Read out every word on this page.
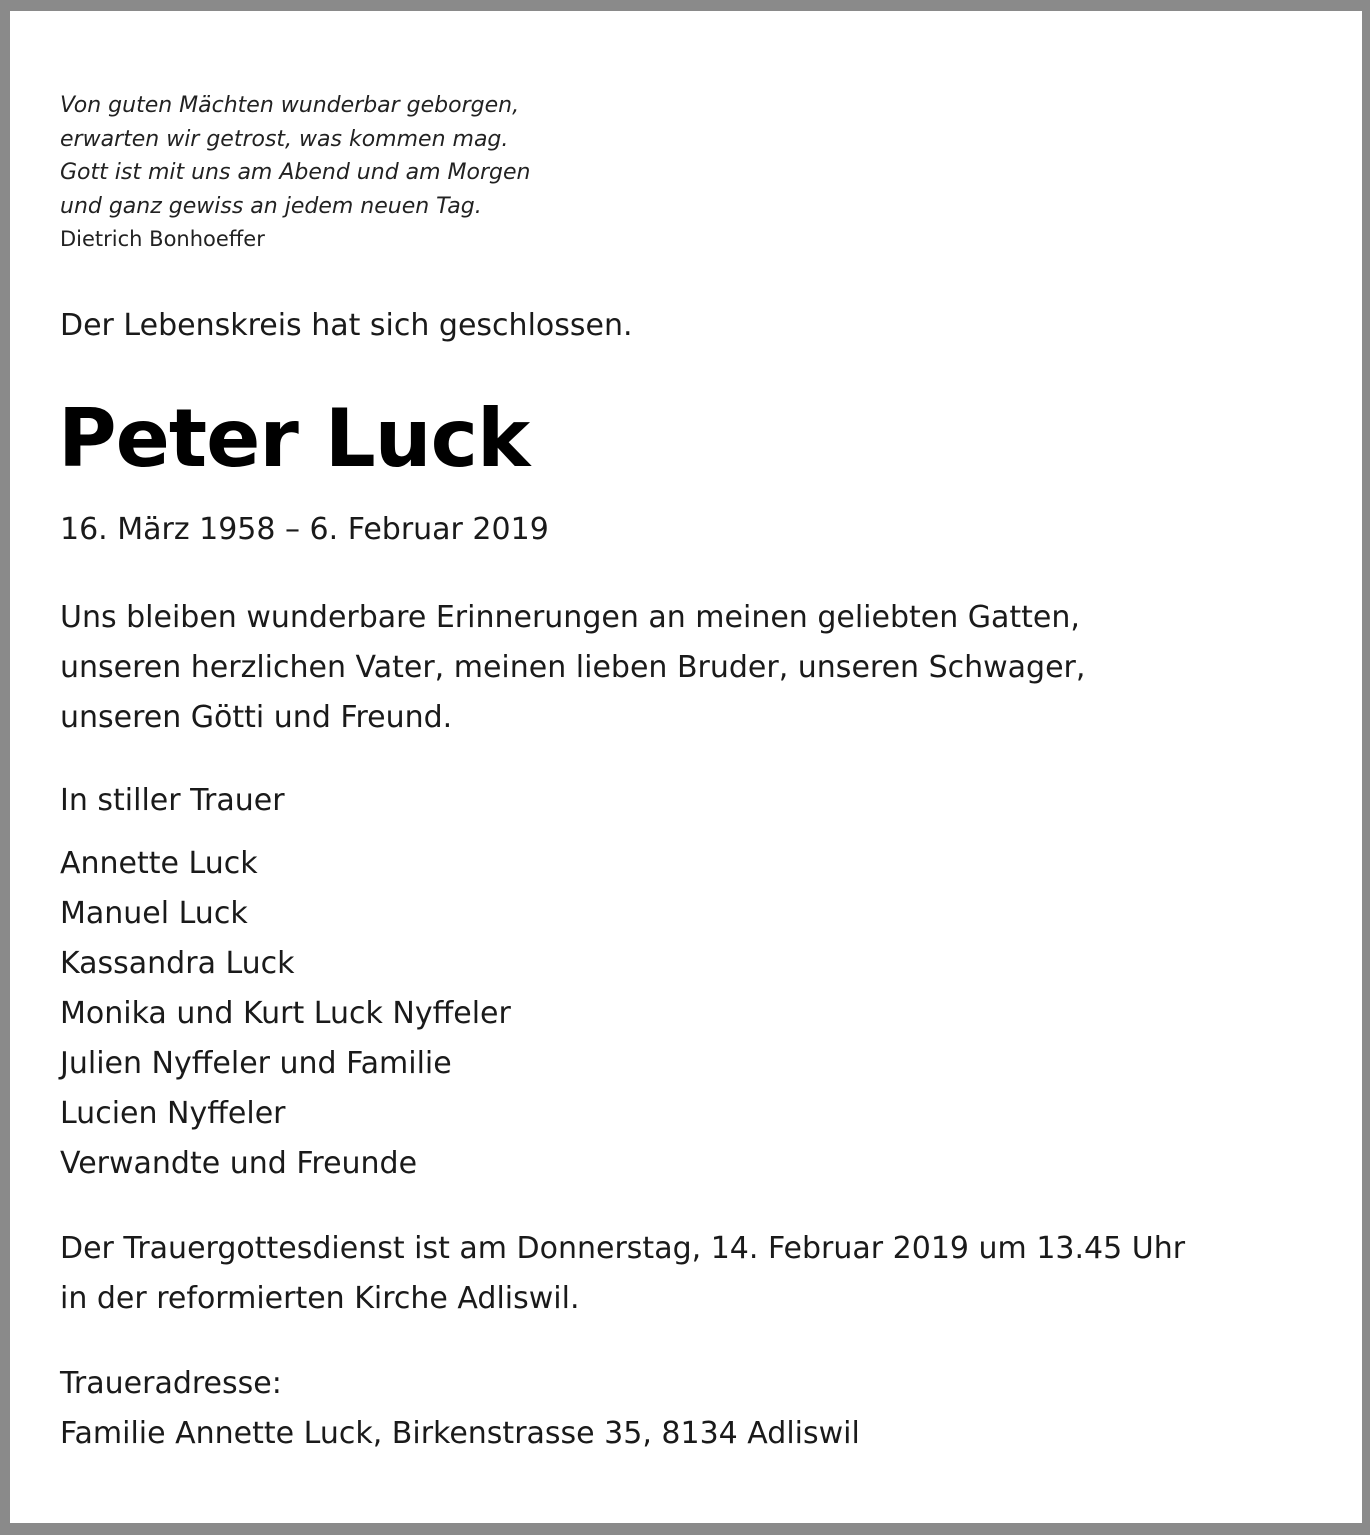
Von guten Mächten wunderbar geborgen,
erwarten wir getrost, was kommen mag.
Gott ist mit uns am Abend und am Morgen
und ganz gewiss an jedem neuen Tag.
Dietrich Bonhoeffer
Der Lebenskreis hat sich geschlossen.
Peter Luck
16. März 1958 – 6. Februar 2019
Uns bleiben wunderbare Erinnerungen an meinen geliebten Gatten,
unseren herzlichen Vater, meinen lieben Bruder, unseren Schwager,
unseren Götti und Freund.
In stiller Trauer
Annette Luck
Manuel Luck
Kassandra Luck
Monika und Kurt Luck Nyffeler
Julien Nyffeler und Familie
Lucien Nyffeler
Verwandte und Freunde
Der Trauergottesdienst ist am Donnerstag, 14. Februar 2019 um 13.45 Uhr
in der reformierten Kirche Adliswil.
Traueradresse:
Familie Annette Luck, Birkenstrasse 35, 8134 Adliswil
